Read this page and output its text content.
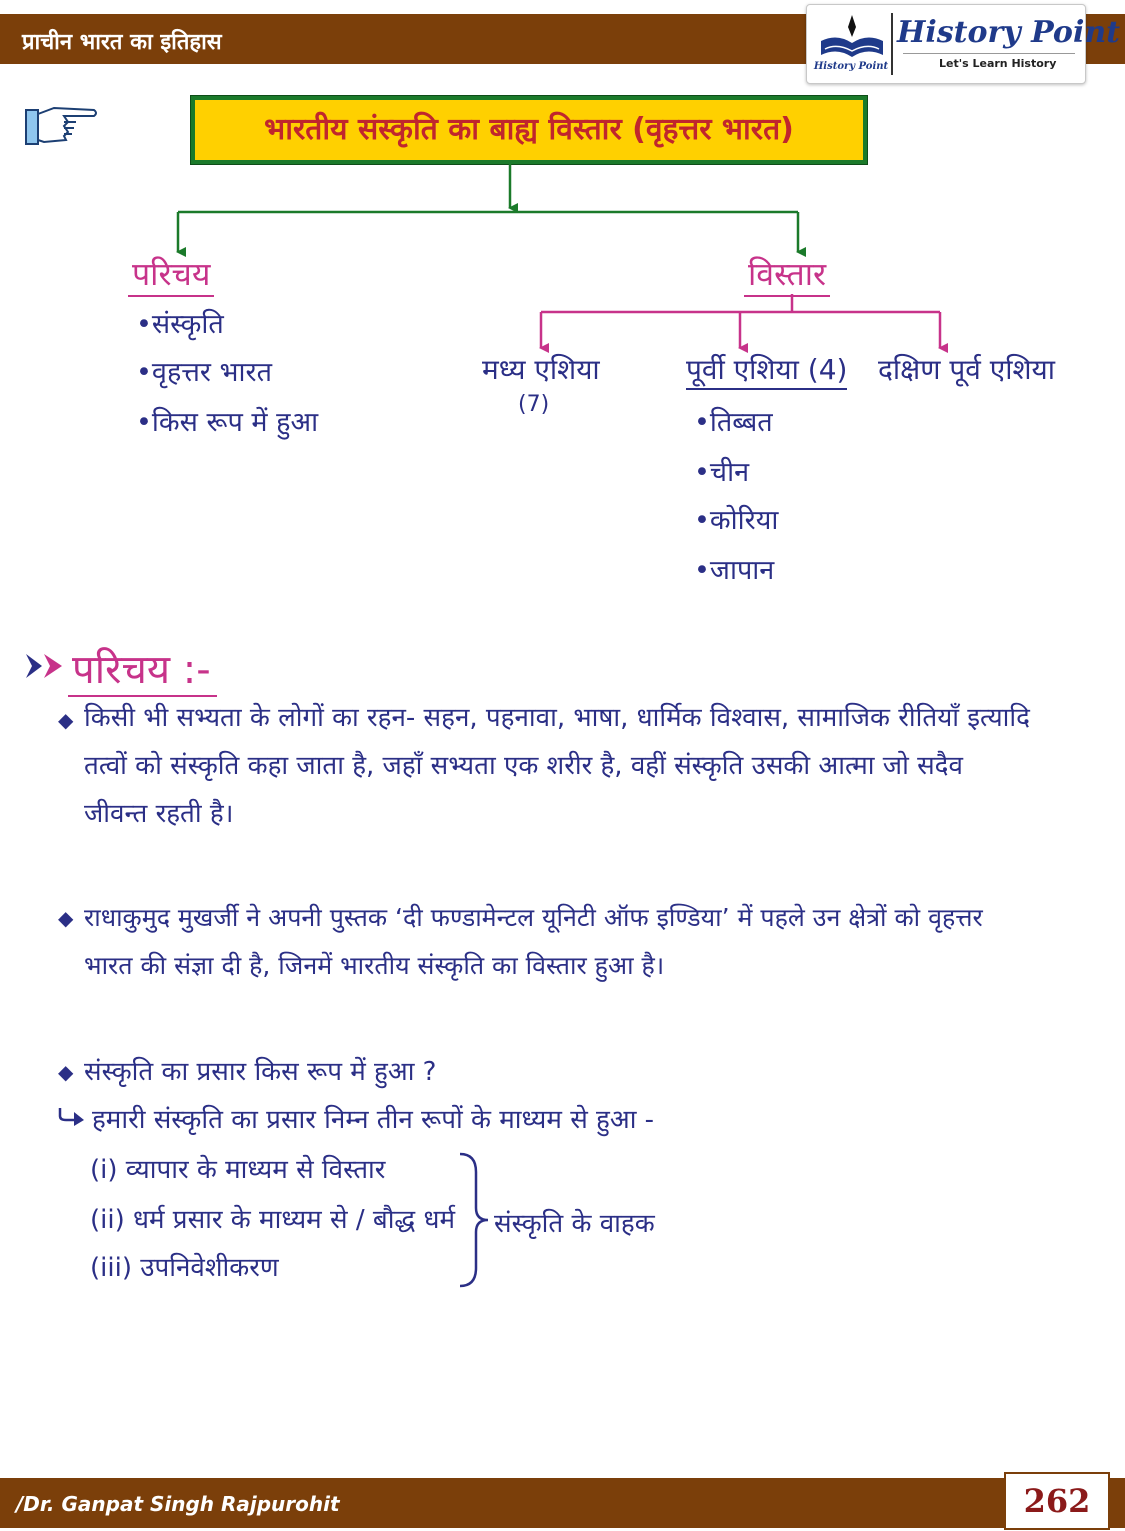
प्राचीन भारत का इतिहास
History Point
History Point
Let's Learn History
भारतीय संस्कृति का बाह्य विस्तार (वृहत्तर भारत)
परिचय
•संस्कृति
•वृहत्तर भारत
•किस रूप में हुआ
विस्तार
मध्य एशिया
(7)
पूर्वी एशिया (4)
•तिब्बत
•चीन
•कोरिया
•जापान
दक्षिण पूर्व एशिया
परिचय :-
◆ किसी भी सभ्यता के लोगों का रहन- सहन, पहनावा, भाषा, धार्मिक विश्वास, सामाजिक रीतियाँ इत्यादि
तत्वों को संस्कृति कहा जाता है, जहाँ सभ्यता एक शरीर है, वहीं संस्कृति उसकी आत्मा जो सदैव
जीवन्त रहती है।
◆ राधाकुमुद मुखर्जी ने अपनी पुस्तक ‘दी फण्डामेन्टल यूनिटी ऑफ इण्डिया’ में पहले उन क्षेत्रों को वृहत्तर
भारत की संज्ञा दी है, जिनमें भारतीय संस्कृति का विस्तार हुआ है।
◆ संस्कृति का प्रसार किस रूप में हुआ ?
हमारी संस्कृति का प्रसार निम्न तीन रूपों के माध्यम से हुआ -
(i) व्यापार के माध्यम से विस्तार
(ii) धर्म प्रसार के माध्यम से / बौद्ध धर्म
(iii) उपनिवेशीकरण
संस्कृति के वाहक
/Dr. Ganpat Singh Rajpurohit	262
